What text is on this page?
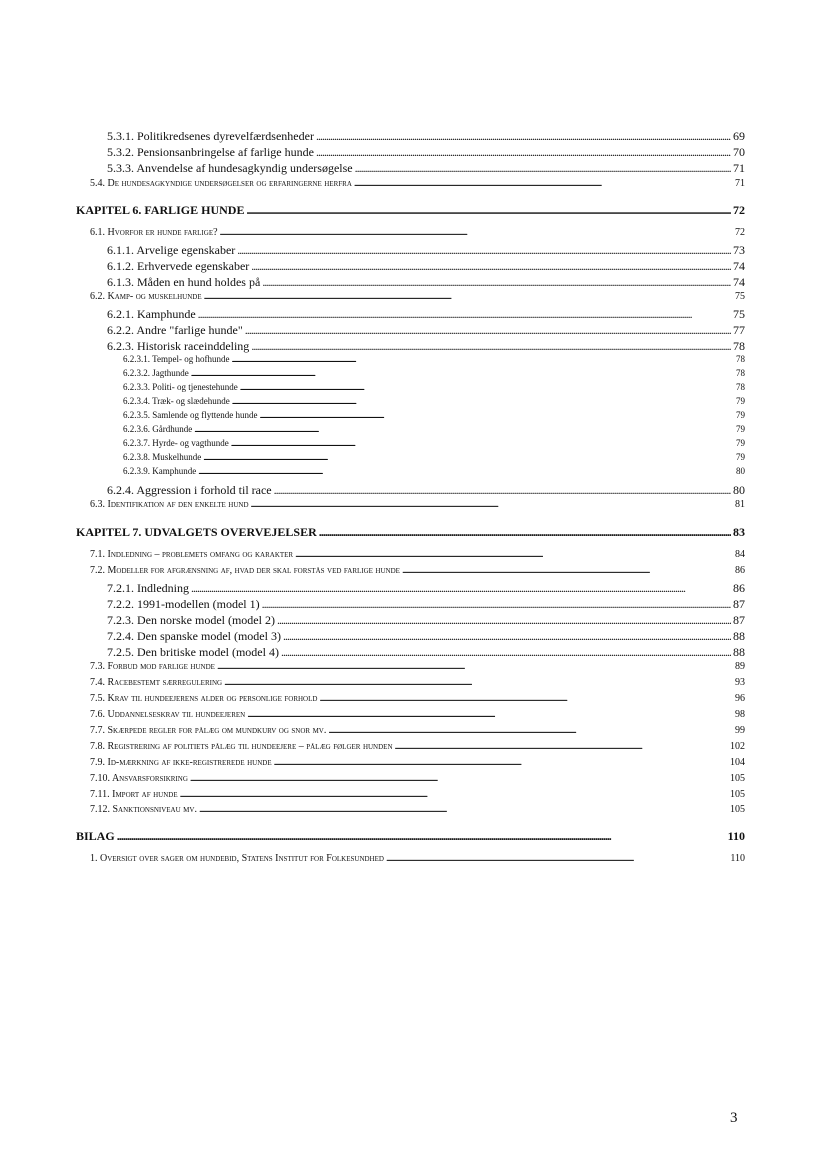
5.3.1. Politikredsenes dyrevelfærdsenheder . . .	69
5.3.2. Pensionsanbringelse af farlige hunde . . .	70
5.3.3. Anvendelse af hundesagkyndig undersøgelse . . .	71
5.4. De hundesagkyndige undersøgelser og erfaringerne herfra . . .	71
KAPITEL 6. FARLIGE HUNDE . . .	72
6.1. Hvorfor er hunde farlige? . . .	72
6.1.1. Arvelige egenskaber . . .	73
6.1.2. Erhvervede egenskaber . . .	74
6.1.3. Måden en hund holdes på . . .	74
6.2. Kamp- og muskelhunde . . .	75
6.2.1. Kamphunde . . .	75
6.2.2. Andre "farlige hunde" . . .	77
6.2.3. Historisk raceinddeling . . .	78
6.2.3.1. Tempel- og hofhunde . . .	78
6.2.3.2. Jagthunde . . .	78
6.2.3.3. Politi- og tjenestehunde . . .	78
6.2.3.4. Træk- og slædehunde . . .	79
6.2.3.5. Samlende og flyttende hunde . . .	79
6.2.3.6. Gårdhunde . . .	79
6.2.3.7. Hyrde- og vagthunde . . .	79
6.2.3.8. Muskelhunde . . .	79
6.2.3.9. Kamphunde . . .	80
6.2.4. Aggression i forhold til race . . .	80
6.3. Identifikation af den enkelte hund . . .	81
KAPITEL 7. UDVALGETS OVERVEJELSER . . .	83
7.1. Indledning – problemets omfang og karakter . . .	84
7.2. Modeller for afgrænsning af, hvad der skal forstås ved farlige hunde . . .	86
7.2.1. Indledning . . .	86
7.2.2. 1991-modellen (model 1) . . .	87
7.2.3. Den norske model (model 2) . . .	87
7.2.4. Den spanske model (model 3) . . .	88
7.2.5. Den britiske model (model 4) . . .	88
7.3. Forbud mod farlige hunde . . .	89
7.4. Racebestemt særregulering . . .	93
7.5. Krav til hundeejerens alder og personlige forhold . . .	96
7.6. Uddannelseskrav til hundeejeren . . .	98
7.7. Skærpede regler for pålæg om mundkurv og snor mv. . . .	99
7.8. Registrering af politiets pålæg til hundeejere – pålæg følger hunden . . .	102
7.9. Id-mærkning af ikke-registrerede hunde . . .	104
7.10. Ansvarsforsikring . . .	105
7.11. Import af hunde . . .	105
7.12. Sanktionsniveau mv. . . .	105
BILAG . . .	110
1. Oversigt over sager om hundebid, Statens Institut for Folkesundhed . . .	110
3
